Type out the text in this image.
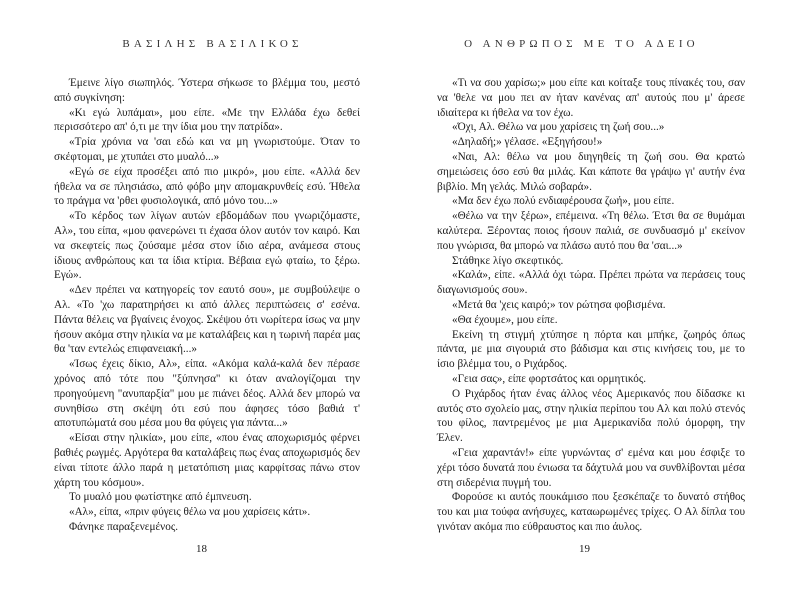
ΒΑΣΙΛΗΣ ΒΑΣΙΛΙΚΟΣ

Έμεινε λίγο σιωπηλός. Ύστερα σήκωσε το βλέμμα του, μεστό από συγκίνηση:

«Κι εγώ λυπάμαι», μου είπε. «Με την Ελλάδα έχω δεθεί περισσότερο απ' ό,τι με την ίδια μου την πατρίδα».

«Τρία χρόνια να 'σαι εδώ και να μη γνωριστούμε. Όταν το σκέφτομαι, με χτυπάει στο μυαλό...»

«Εγώ σε είχα προσέξει από πιο μικρό», μου είπε. «Αλλά δεν ήθελα να σε πλησιάσω, από φόβο μην απομακρυνθείς εσύ. Ήθελα το πράγμα να 'ρθει φυσιολογικά, από μόνο του...»

«Το κέρδος των λίγων αυτών εβδομάδων που γνωριζόμαστε, Αλ», του είπα, «μου φανερώνει τι έχασα όλον αυτόν τον καιρό. Και να σκεφτείς πως ζούσαμε μέσα στον ίδιο αέρα, ανάμεσα στους ίδιους ανθρώπους και τα ίδια κτίρια. Βέβαια εγώ φταίω, το ξέρω. Εγώ».

«Δεν πρέπει να κατηγορείς τον εαυτό σου», με συμβούλεψε ο Αλ. «Το 'χω παρατηρήσει κι από άλλες περιπτώσεις σ' εσένα. Πάντα θέλεις να βγαίνεις ένοχος. Σκέψου ότι νωρίτερα ίσως να μην ήσουν ακόμα στην ηλικία να με καταλάβεις και η τωρινή παρέα μας θα 'ταν εντελώς επιφανειακή...»

«Ίσως έχεις δίκιο, Αλ», είπα. «Ακόμα καλά-καλά δεν πέρασε χρόνος από τότε που "ξύπνησα" κι όταν αναλογίζομαι την προηγούμενη "ανυπαρξία" μου με πιάνει δέος. Αλλά δεν μπορώ να συνηθίσω στη σκέψη ότι εσύ που άφησες τόσο βαθιά τ' αποτυπώματά σου μέσα μου θα φύγεις για πάντα...»

«Είσαι στην ηλικία», μου είπε, «που ένας αποχωρισμός φέρνει βαθιές ρωγμές. Αργότερα θα καταλάβεις πως ένας αποχωρισμός δεν είναι τίποτε άλλο παρά η μετατόπιση μιας καρφίτσας πάνω στον χάρτη του κόσμου».

Το μυαλό μου φωτίστηκε από έμπνευση.

«Αλ», είπα, «πριν φύγεις θέλω να μου χαρίσεις κάτι».

Φάνηκε παραξενεμένος.

18
Ο ΑΝΘΡΩΠΟΣ ΜΕ ΤΟ ΑΔΕΙΟ

«Τι να σου χαρίσω;» μου είπε και κοίταξε τους πίνακές του, σαν να 'θελε να μου πει αν ήταν κανένας απ' αυτούς που μ' άρεσε ιδιαίτερα κι ήθελα να τον έχω.

«Όχι, Αλ. Θέλω να μου χαρίσεις τη ζωή σου...»

«Δηλαδή;» γέλασε. «Εξηγήσου!»

«Ναι, Αλ: θέλω να μου διηγηθείς τη ζωή σου. Θα κρατώ σημειώσεις όσο εσύ θα μιλάς. Και κάποτε θα γράψω γι' αυτήν ένα βιβλίο. Μη γελάς. Μιλώ σοβαρά».

«Μα δεν έχω πολύ ενδιαφέρουσα ζωή», μου είπε.

«Θέλω να την ξέρω», επέμεινα. «Τη θέλω. Έτσι θα σε θυμάμαι καλύτερα. Ξέροντας ποιος ήσουν παλιά, σε συνδυασμό μ' εκείνον που γνώρισα, θα μπορώ να πλάσω αυτό που θα 'σαι...»

Στάθηκε λίγο σκεφτικός.

«Καλά», είπε. «Αλλά όχι τώρα. Πρέπει πρώτα να περάσεις τους διαγωνισμούς σου».

«Μετά θα 'χεις καιρό;» τον ρώτησα φοβισμένα.

«Θα έχουμε», μου είπε.

Εκείνη τη στιγμή χτύπησε η πόρτα και μπήκε, ζωηρός όπως πάντα, με μια σιγουριά στο βάδισμα και στις κινήσεις του, με το ίσιο βλέμμα του, ο Ριχάρδος.

«Γεια σας», είπε φορτσάτος και ορμητικός.

Ο Ριχάρδος ήταν ένας άλλος νέος Αμερικανός που δίδασκε κι αυτός στο σχολείο μας, στην ηλικία περίπου του Αλ και πολύ στενός του φίλος, παντρεμένος με μια Αμερικανίδα πολύ όμορφη, την Έλεν.

«Γεια χαραντάν!» είπε γυρνώντας σ' εμένα και μου έσφιξε το χέρι τόσο δυνατά που ένιωσα τα δάχτυλά μου να συνθλίβονται μέσα στη σιδερένια πυγμή του.

Φορούσε κι αυτός πουκάμισο που ξεσκέπαζε το δυνατό στήθος του και μια τούφα ανήσυχες, καταωρωμένες τρίχες. Ο Αλ δίπλα του γινόταν ακόμα πιο εύθραυστος και πιο άυλος.

19
